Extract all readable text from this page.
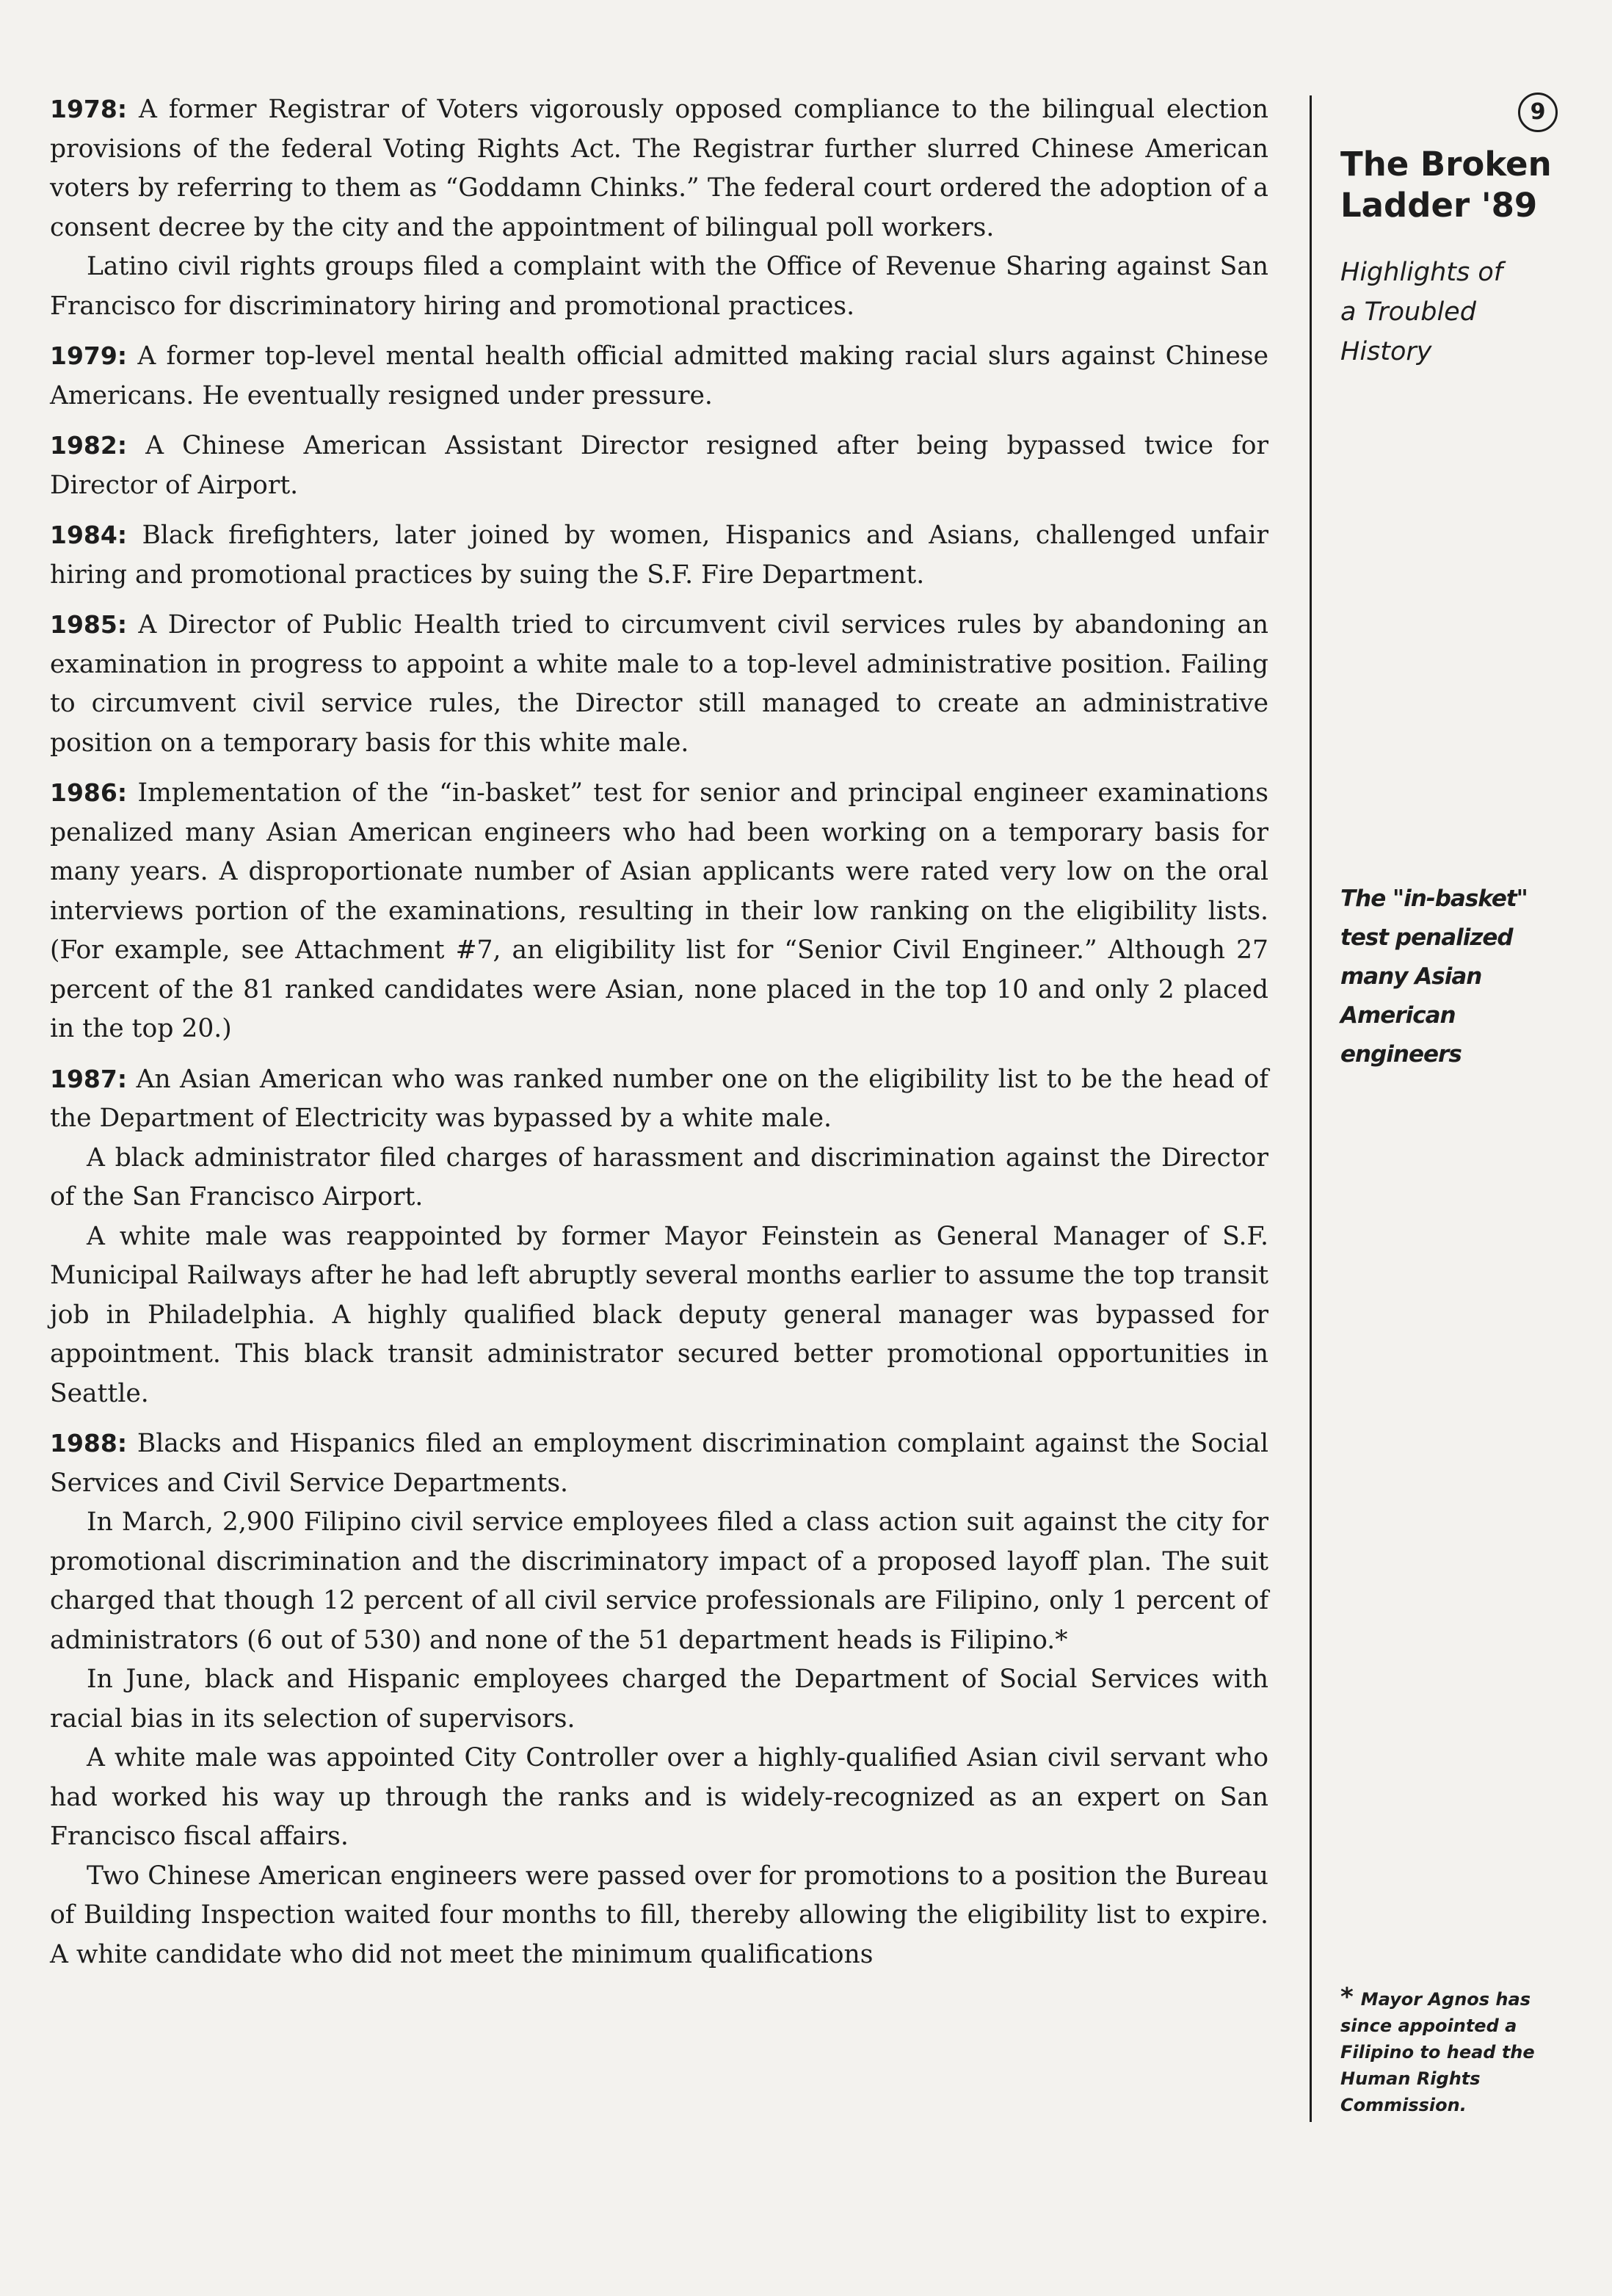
1978: A former Registrar of Voters vigorously opposed compliance to the bilingual election provisions of the federal Voting Rights Act. The Registrar further slurred Chinese American voters by referring to them as “Goddamn Chinks.” The federal court ordered the adoption of a consent decree by the city and the appointment of bilingual poll workers.

Latino civil rights groups filed a complaint with the Office of Revenue Sharing against San Francisco for discriminatory hiring and promotional practices.

1979: A former top-level mental health official admitted making racial slurs against Chinese Americans. He eventually resigned under pressure.

1982: A Chinese American Assistant Director resigned after being bypassed twice for Director of Airport.

1984: Black firefighters, later joined by women, Hispanics and Asians, challenged unfair hiring and promotional practices by suing the S.F. Fire Department.

1985: A Director of Public Health tried to circumvent civil services rules by abandoning an examination in progress to appoint a white male to a top-level administrative position. Failing to circumvent civil service rules, the Director still managed to create an administrative position on a temporary basis for this white male.

1986: Implementation of the “in-basket” test for senior and principal engineer examinations penalized many Asian American engineers who had been working on a temporary basis for many years. A disproportionate number of Asian applicants were rated very low on the oral interviews portion of the examinations, resulting in their low ranking on the eligibility lists. (For example, see Attachment #7, an eligibility list for “Senior Civil Engineer.” Although 27 percent of the 81 ranked candidates were Asian, none placed in the top 10 and only 2 placed in the top 20.)

1987: An Asian American who was ranked number one on the eligibility list to be the head of the Department of Electricity was bypassed by a white male.

A black administrator filed charges of harassment and discrimination against the Director of the San Francisco Airport.

A white male was reappointed by former Mayor Feinstein as General Manager of S.F. Municipal Railways after he had left abruptly several months earlier to assume the top transit job in Philadelphia. A highly qualified black deputy general manager was bypassed for appointment. This black transit administrator secured better promotional opportunities in Seattle.

1988: Blacks and Hispanics filed an employment discrimination complaint against the Social Services and Civil Service Departments.

In March, 2,900 Filipino civil service employees filed a class action suit against the city for promotional discrimination and the discriminatory impact of a proposed layoff plan. The suit charged that though 12 percent of all civil service professionals are Filipino, only 1 percent of administrators (6 out of 530) and none of the 51 department heads is Filipino.*

In June, black and Hispanic employees charged the Department of Social Services with racial bias in its selection of supervisors.

A white male was appointed City Controller over a highly-qualified Asian civil servant who had worked his way up through the ranks and is widely-recognized as an expert on San Francisco fiscal affairs.

Two Chinese American engineers were passed over for promotions to a position the Bureau of Building Inspection waited four months to fill, thereby allowing the eligibility list to expire. A white candidate who did not meet the minimum qualifications

9
The Broken
Ladder '89
Highlights of
a Troubled
History
The "in-basket"
test penalized
many Asian
American
engineers
* Mayor Agnos has
since appointed a
Filipino to head the
Human Rights
Commission.
